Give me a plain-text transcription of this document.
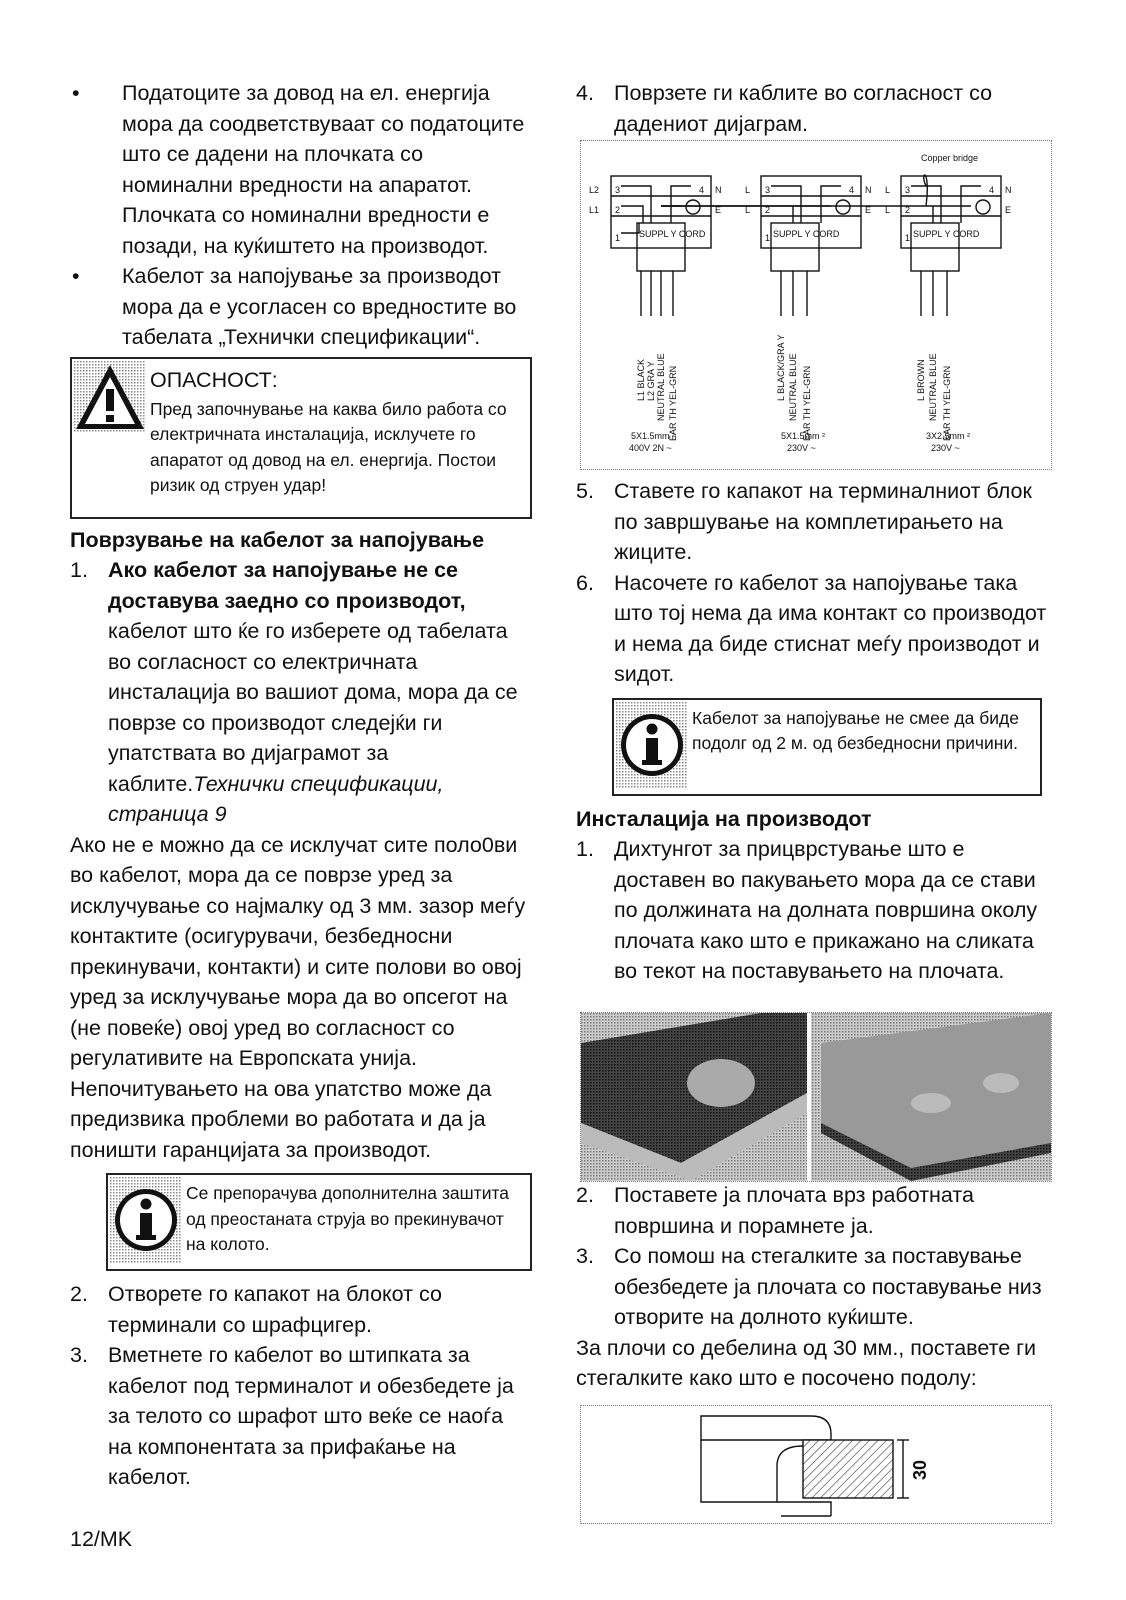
•	Податоците за довод на ел. енергија мора да соодветствуваат со податоците што се дадени на плочката со номинални вредности на апаратот. Плочката со номинални вредности е позади, на куќиштето на производот.
•	Кабелот за напојување за производот мора да е усогласен со вредностите во табелата „Технички спецификации“.
ОПАСНОСТ:
Пред започнување на каква било работа со електричната инсталација, исклучете го апаратот од довод на ел. енергија. Постои ризик од струен удар!

Поврзување на кабелот за напојување

1. Ако кабелот за напојување не се доставува заедно со производот, кабелот што ќе го изберете од табелата во согласност со електричната инсталација во вашиот дома, мора да се поврзе со производот следејќи ги упатствата во дијаграмот за каблите.Технички спецификации, страница 9

Ако не е можно да се исклучат сите поло0ви во кабелот, мора да се поврзе уред за исклучување со најмалку од 3 мм. зазор меѓу контактите (осигурувачи, безбедносни прекинувачи, контакти) и сите полови во овој уред за исклучување мора да во опсегот на (не повеќе) овој уред во согласност со регулативите на Европската унија. Непочитувањето на ова упатство може да предизвика проблеми во работата и да ја поништи гаранцијата за производот.

Се препорачува дополнителна заштита од преостаната струја во прекинувачот на колото.
2. Отворете го капакот на блокот со терминали со шрафцигер.
3. Вметнете го кабелот во штипката за кабелот под терминалот и обезбедете ја за телото со шрафот што веќе се наоѓа на компонентата за прифаќање на кабелот.
4. Поврзете ги каблите во согласност со дадениот дијаграм.
Copper bridge
3
2
1
4	3
2
1
4	3
2
1
4
L2
L1
N
E
L
L
N
E
L
L
N
E
SUPPL Y CORD	SUPPL Y CORD	SUPPL Y CORD
L1 BLACK L2 GRA Y NEUTRAL BLUE EAR TH YEL-GRN	L BLACK/GRA Y NEUTRAL BLUE EAR TH YEL-GRN	L BROWN NEUTRAL BLUE EAR TH YEL-GRN
5X1.5mm ²
400V 2N ~
5X1.5mm ²
230V ~
3X2.5mm ²
230V ~
5. Ставете го капакот на терминалниот блок по завршување на комплетирањето на жиците.
6. Насочете го кабелот за напојување така што тој нема да има контакт со производот и нема да биде стиснат меѓу производот и ѕидот.
Кабелот за напојување не смее да биде подолг од 2 м. од безбедносни причини.

Инсталација на производот

1. Дихтунгот за прицврстување што е доставен во пакувањето мора да се стави по должината на долната површина околу плочата како што е прикажано на сликата во текот на поставувањето на плочата.
2. Поставете ја плочата врз работната површина и порамнете ја.
3. Со помош на стегалките за поставување обезбедете ја плочата со поставување низ отворите на долното куќиште.

За плочи со дебелина од 30 мм., поставете ги стегалките како што е посочено подолу:

30
12/MK
